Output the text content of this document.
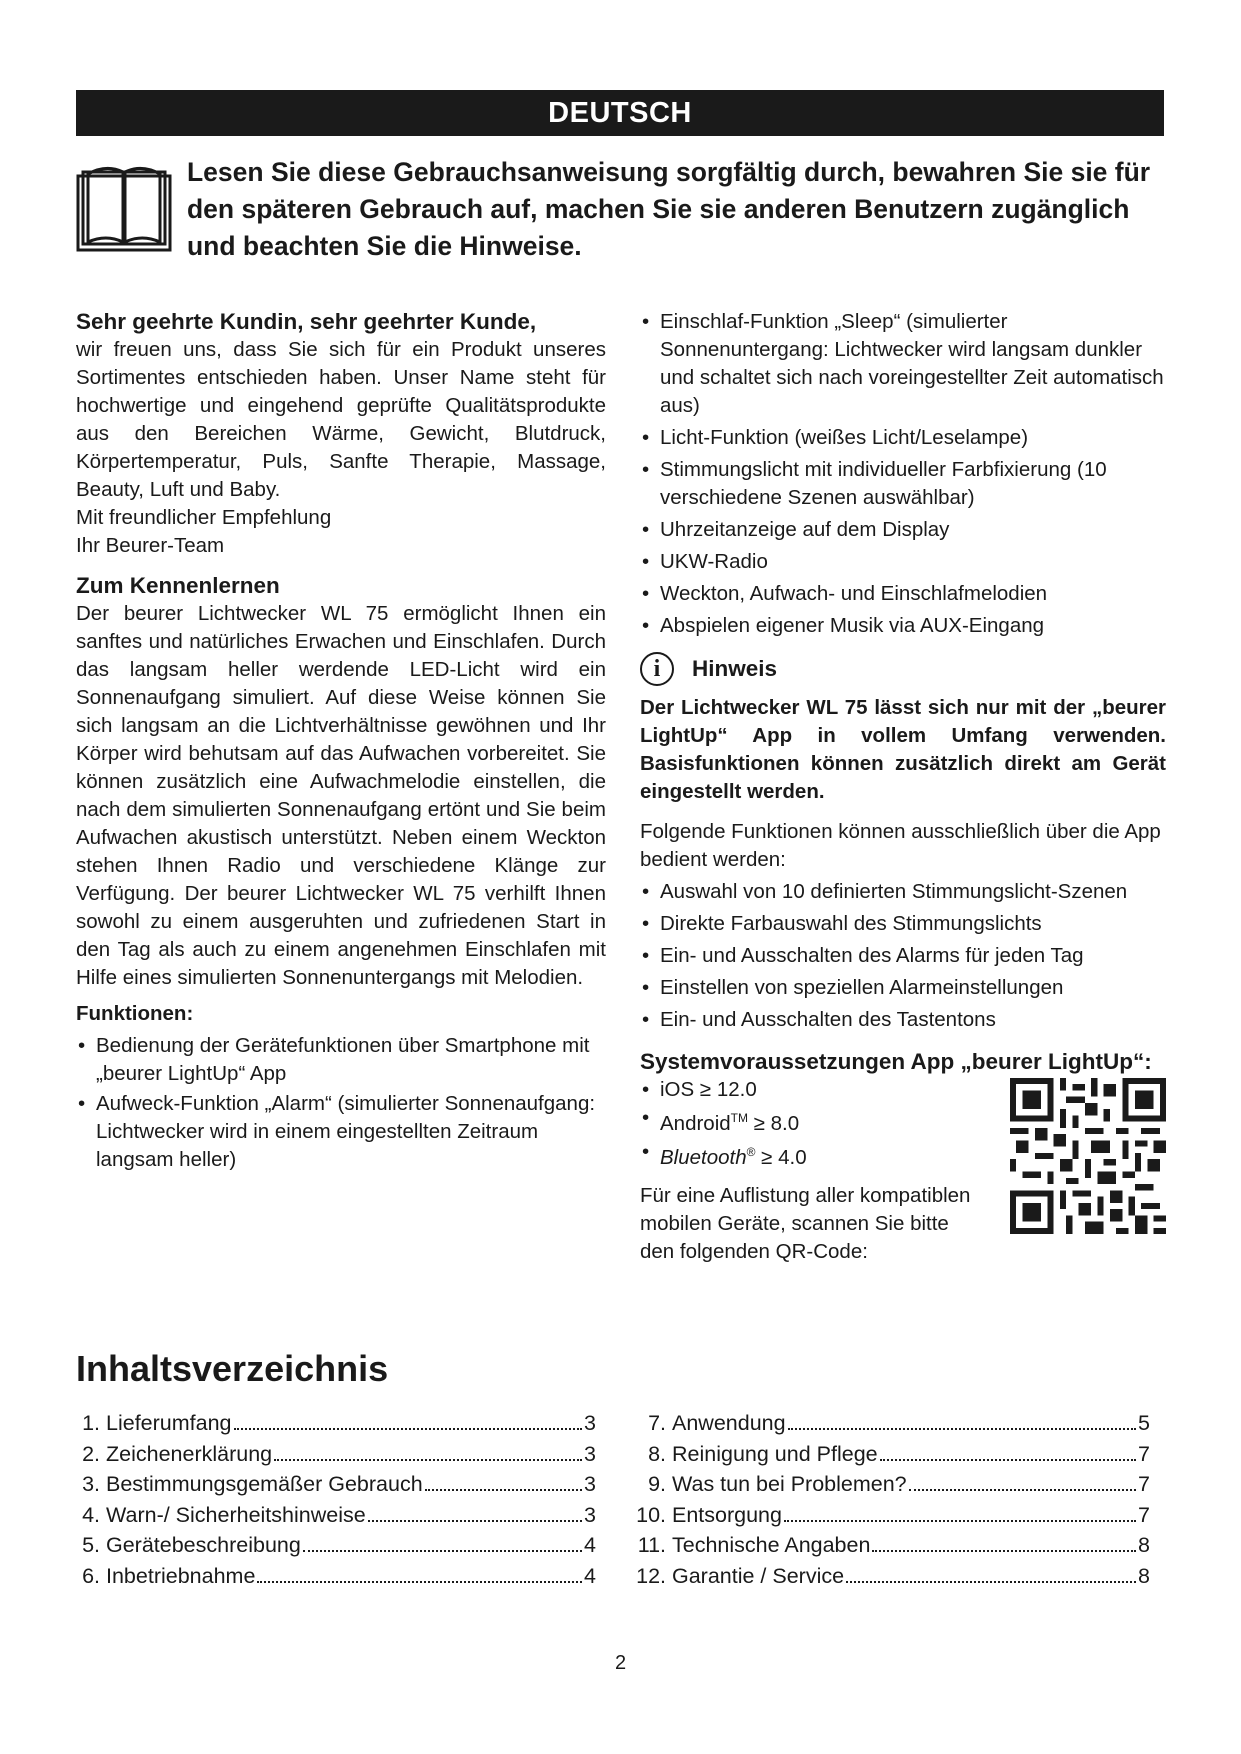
DEUTSCH

Lesen Sie diese Gebrauchsanweisung sorgfältig durch, bewahren Sie sie für den späteren Gebrauch auf, machen Sie sie anderen Benutzern zugänglich und beachten Sie die Hinweise.

Sehr geehrte Kundin, sehr geehrter Kunde,

wir freuen uns, dass Sie sich für ein Produkt unseres Sortimentes entschieden haben. Unser Name steht für hochwertige und eingehend geprüfte Qualitätsprodukte aus den Bereichen Wärme, Gewicht, Blutdruck, Körpertemperatur, Puls, Sanfte Therapie, Massage, Beauty, Luft und Baby.

Mit freundlicher Empfehlung

Ihr Beurer-Team

Zum Kennenlernen

Der beurer Lichtwecker WL 75 ermöglicht Ihnen ein sanftes und natürliches Erwachen und Einschlafen. Durch das langsam heller werdende LED-Licht wird ein Sonnenaufgang simuliert. Auf diese Weise können Sie sich langsam an die Lichtverhältnisse gewöhnen und Ihr Körper wird behutsam auf das Aufwachen vorbereitet. Sie können zusätzlich eine Aufwachmelodie einstellen, die nach dem simulierten Sonnenaufgang ertönt und Sie beim Aufwachen akustisch unterstützt. Neben einem Weckton stehen Ihnen Radio und verschiedene Klänge zur Verfügung. Der beurer Lichtwecker WL 75 verhilft Ihnen sowohl zu einem ausgeruhten und zufriedenen Start in den Tag als auch zu einem angenehmen Einschlafen mit Hilfe eines simulierten Sonnenuntergangs mit Melodien.

Funktionen:

• Bedienung der Gerätefunktionen über Smartphone mit „beurer LightUp“ App
• Aufweck-Funktion „Alarm“ (simulierter Sonnenaufgang: Lichtwecker wird in einem eingestellten Zeitraum langsam heller)
• Einschlaf-Funktion „Sleep“ (simulierter Sonnenuntergang: Lichtwecker wird langsam dunkler und schaltet sich nach voreingestellter Zeit automatisch aus)
• Licht-Funktion (weißes Licht/Leselampe)
• Stimmungslicht mit individueller Farbfixierung (10 verschiedene Szenen auswählbar)
• Uhrzeitanzeige auf dem Display
• UKW-Radio
• Weckton, Aufwach- und Einschlafmelodien
• Abspielen eigener Musik via AUX-Eingang
i	Hinweis

Der Lichtwecker WL 75 lässt sich nur mit der „beurer LightUp“ App in vollem Umfang verwenden. Basisfunktionen können zusätzlich direkt am Gerät eingestellt werden.

Folgende Funktionen können ausschließlich über die App bedient werden:

• Auswahl von 10 definierten Stimmungslicht-Szenen
• Direkte Farbauswahl des Stimmungslichts
• Ein- und Ausschalten des Alarms für jeden Tag
• Einstellen von speziellen Alarmeinstellungen
• Ein- und Ausschalten des Tastentons

Systemvoraussetzungen App „beurer LightUp“:

• iOS ≥ 12.0
• Android™ ≥ 8.0
• Bluetooth® ≥ 4.0

Für eine Auflistung aller kompatiblen mobilen Geräte, scannen Sie bitte den folgenden QR-Code:

Inhaltsverzeichnis
1. Lieferumfang	3
2. Zeichenerklärung	3
3. Bestimmungsgemäßer Gebrauch	3
4. Warn-/ Sicherheitshinweise	3
5. Gerätebeschreibung	4
6. Inbetriebnahme	4
7. Anwendung	5
8. Reinigung und Pflege	7
9. Was tun bei Problemen?	7
10. Entsorgung	7
11. Technische Angaben	8
12. Garantie / Service	8
2
